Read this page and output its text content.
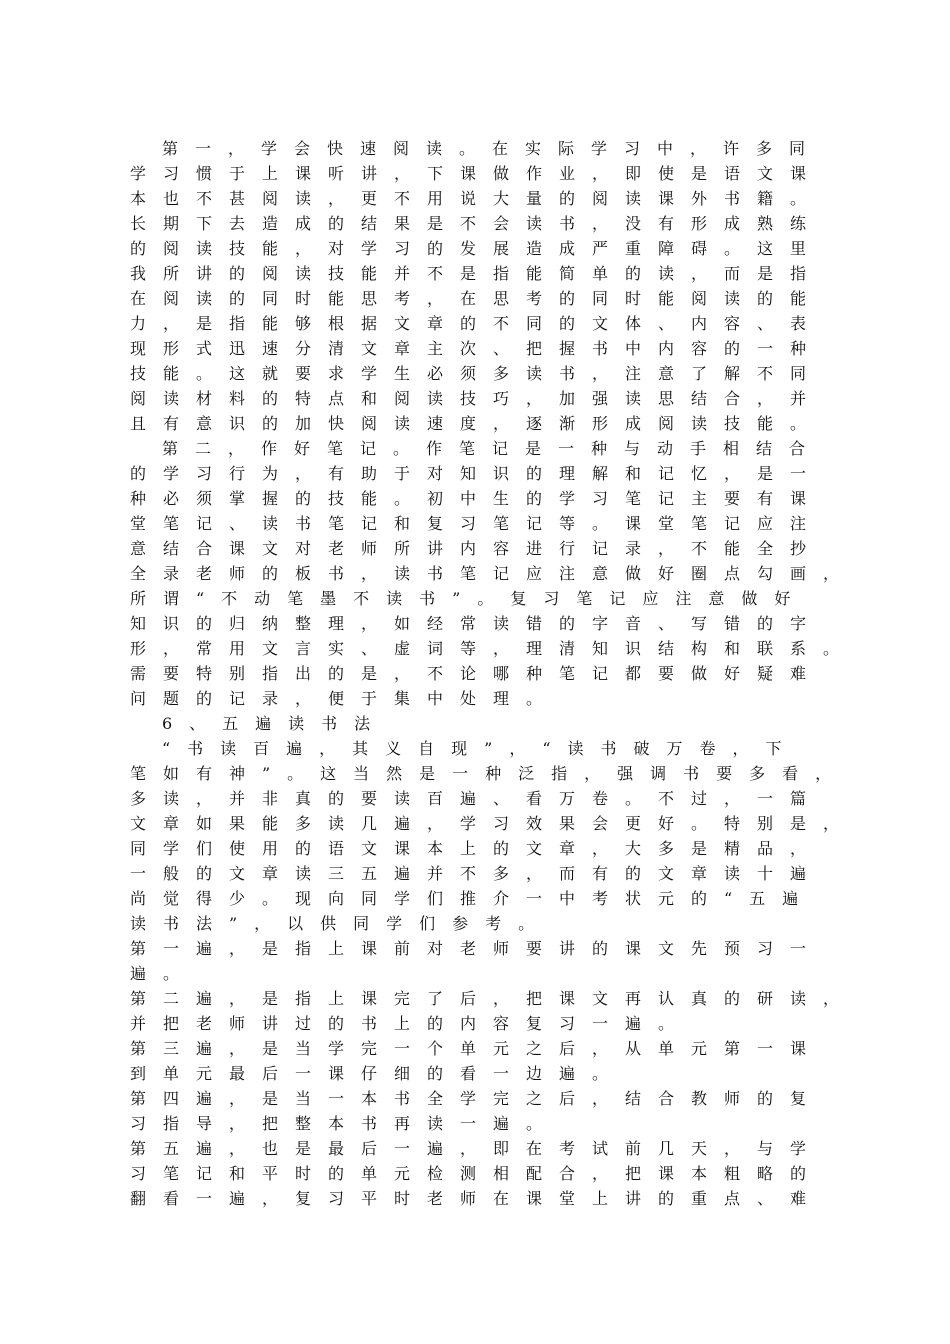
第一，学会快速阅读。在实际学习中，许多同
学习惯于上课听讲，下课做作业，即使是语文课
本也不甚阅读，更不用说大量的阅读课外书籍。
长期下去造成的结果是不会读书，没有形成熟练
的阅读技能，对学习的发展造成严重障碍。这里
我所讲的阅读技能并不是指能简单的读，而是指
在阅读的同时能思考，在思考的同时能阅读的能
力，是指能够根据文章的不同的文体、内容、表
现形式迅速分清文章主次、把握书中内容的一种
技能。这就要求学生必须多读书，注意了解不同
阅读材料的特点和阅读技巧，加强读思结合，并
且有意识的加快阅读速度，逐渐形成阅读技能。
第二，作好笔记。作笔记是一种与动手相结合
的学习行为，有助于对知识的理解和记忆，是一
种必须掌握的技能。初中生的学习笔记主要有课
堂笔记、读书笔记和复习笔记等。课堂笔记应注
意结合课文对老师所讲内容进行记录，不能全抄
全录老师的板书，读书笔记应注意做好圈点勾画，
所谓“不动笔墨不读书”。复习笔记应注意做好
知识的归纳整理，如经常读错的字音、写错的字
形，常用文言实、虚词等，理清知识结构和联系。
需要特别指出的是，不论哪种笔记都要做好疑难
问题的记录，便于集中处理。
6、五遍读书法
“书读百遍，其义自现”，“读书破万卷，下
笔如有神”。这当然是一种泛指，强调书要多看，
多读，并非真的要读百遍、看万卷。不过，一篇
文章如果能多读几遍，学习效果会更好。特别是，
同学们使用的语文课本上的文章，大多是精品，
一般的文章读三五遍并不多，而有的文章读十遍
尚觉得少。现向同学们推介一中考状元的“五遍
读书法”，以供同学们参考。
第一遍，是指上课前对老师要讲的课文先预习一
遍。
第二遍，是指上课完了后，把课文再认真的研读，
并把老师讲过的书上的内容复习一遍。
第三遍，是当学完一个单元之后，从单元第一课
到单元最后一课仔细的看一边遍。
第四遍，是当一本书全学完之后，结合教师的复
习指导，把整本书再读一遍。
第五遍，也是最后一遍，即在考试前几天，与学
习笔记和平时的单元检测相配合，把课本粗略的
翻看一遍，复习平时老师在课堂上讲的重点、难
